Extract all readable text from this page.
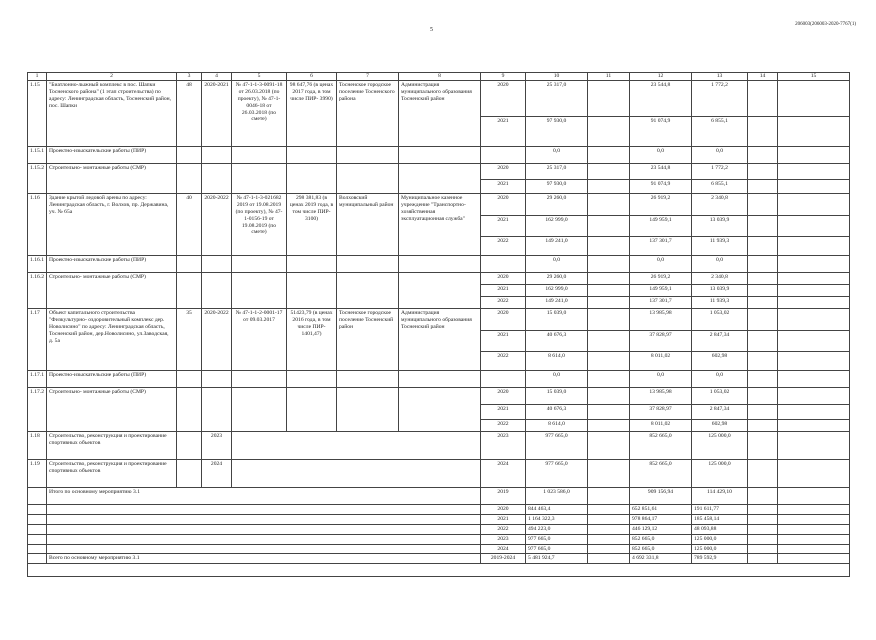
5
206003(206003-2020-7767(1)
1	2	3	4	5	6	7	8	9	10	11	12	13	14	15
1.15	"Биатлонно-лыжный комплекс в пос. Шапки Тосненского района" (1 этап строительства) по адресу: Ленинградская область, Тосненский район, пос. Шапки	48	2020-2021	№ 47-1-1-3-0091-18 от 26.03.2018 (по проекту), № 47-1-0046-18 от 26.03.2018 (по смете)	98 647,76 (в ценах 2017 года, в том числе ПИР- 3990)	Тосненское городское поселение Тосненского района	Администрация муниципального образования Тосненский район	2020	25 317,0		23 544,8	1 772,2		
								2021	97 930,0		91 074,9	6 855,1		
1.15.1	Проектно-изыскательские работы (ПИР)								0,0		0,0	0,0		
1.15.2	Строительно- монтажные работы (СМР)							2020	25 317,0		23 544,8	1 772,2		
								2021	97 930,0		91 074,9	6 855,1		
1.16	Здание крытой ледовой арены по адресу: Ленинградская область, г. Волхов, пр. Державина, уч. № 65а	40	2020-2022	№ 47-1-1-3-021682 2019 от 19.08.2019 (по проекту), № 47-1-0156-19 от 19.08.2019 (по смете)	298 381,83 (в ценах 2019 года, в том числе ПИР- 3100)	Волховский муниципальный район	Муниципальное казенное учреждение "Транспортно-хозяйственная эксплуатационная служба"	2020	29 260,0		26 919,2	2 340,8		
								2021	162 999,0		149 959,1	13 039,9		
								2022	149 241,0		137 301,7	11 939,3		
1.16.1	Проектно-изыскательские работы (ПИР)								0,0		0,0	0,0		
1.16.2	Строительно- монтажные работы (СМР)							2020	29 260,0		26 919,2	2 340,8		
								2021	162 999,0		149 959,1	13 039,9		
								2022	149 241,0		137 301,7	11 939,3		
1.17	Объект капитального строительства "Физкультурно- оздоровительный комплекс дер. Новолисино" по адресу: Ленинградская область, Тосненский район, дер.Новолисино, ул.Заводская, д. 5а	35	2020-2022	№ 47-1-1-2-0001-17 от 09.03.2017	51423,79 (в ценах 2016 года, в том числе ПИР- 1401,47)	Тосненское городское поселение Тосненский район	Администрация муниципального образования Тосненский район	2020	15 039,0		13 985,98	1 053,02		
								2021	40 676,3		37 828,97	2 847,34		
								2022	8 614,0		8 011,02	602,98		
1.17.1	Проектно-изыскательские работы (ПИР)								0,0		0,0	0,0		
1.17.2	Строительно- монтажные работы (СМР)							2020	15 039,0		13 985,98	1 053,02		
								2021	40 676,3		37 828,97	2 847,34		
								2022	8 614,0		8 011,02	602,98		
1.18	Строительство, реконструкция и проектирование спортивных объектов		2023					2023	977 665,0		852 665,0	125 000,0		
1.19	Строительство, реконструкция и проектирование спортивных объектов		2024					2024	977 665,0		852 665,0	125 000,0		
	Итого по основному мероприятию 3.1							2019	1 023 586,0		909 156,94	114 429,10		
								2020	844 463,4		652 851,61	191 611,77		
								2021	1 164 322,3		978 864,17	185 458,14		
								2022	494 223,0		446 129,12	48 093,88		
								2023	977 665,0		852 665,0	125 000,0		
								2024	977 665,0		852 665,0	125 000,0		
	Всего по основному мероприятию 3.1							2019-2024	5 481 924,7		4 692 331,8	789 592,9		
